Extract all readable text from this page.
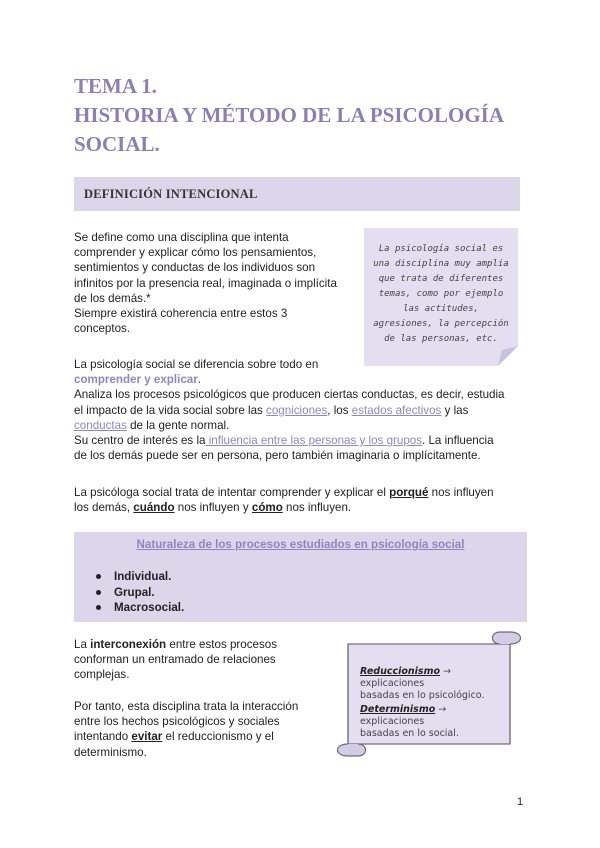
TEMA 1.
HISTORIA Y MÉTODO DE LA PSICOLOGÍA
SOCIAL.
DEFINICIÓN INTENCIONAL
Se define como una disciplina que intenta
comprender y explicar cómo los pensamientos,
sentimientos y conductas de los individuos son
infinitos por la presencia real, imaginada o implícita
de los demás.*
Siempre existirá coherencia entre estos 3
conceptos.

La psicología social es una disciplina muy amplia que trata de diferentes temas, como por ejemplo las actitudes, agresiones, la percepción de las personas, etc.

La psicología social se diferencia sobre todo en
comprender y explicar.
Analiza los procesos psicológicos que producen ciertas conductas, es decir, estudia
el impacto de la vida social sobre las cogniciones, los estados afectivos y las
conductas de la gente normal.
Su centro de interés es la influencia entre las personas y los grupos. La influencia
de los demás puede ser en persona, pero también imaginaria o implícitamente.
La psicóloga social trata de intentar comprender y explicar el porqué nos influyen
los demás, cuándo nos influyen y cómo nos influyen.
Naturaleza de los procesos estudiados en psicología social
Individual.
Grupal.
Macrosocial.
La interconexión entre estos procesos
conforman un entramado de relaciones
complejas.
Por tanto, esta disciplina trata la interacción
entre los hechos psicológicos y sociales
intentando evitar el reduccionismo y el
determinismo.

Reduccionismo → explicaciones
basadas en lo psicológico.

Determinismo → explicaciones
basadas en lo social.

1
